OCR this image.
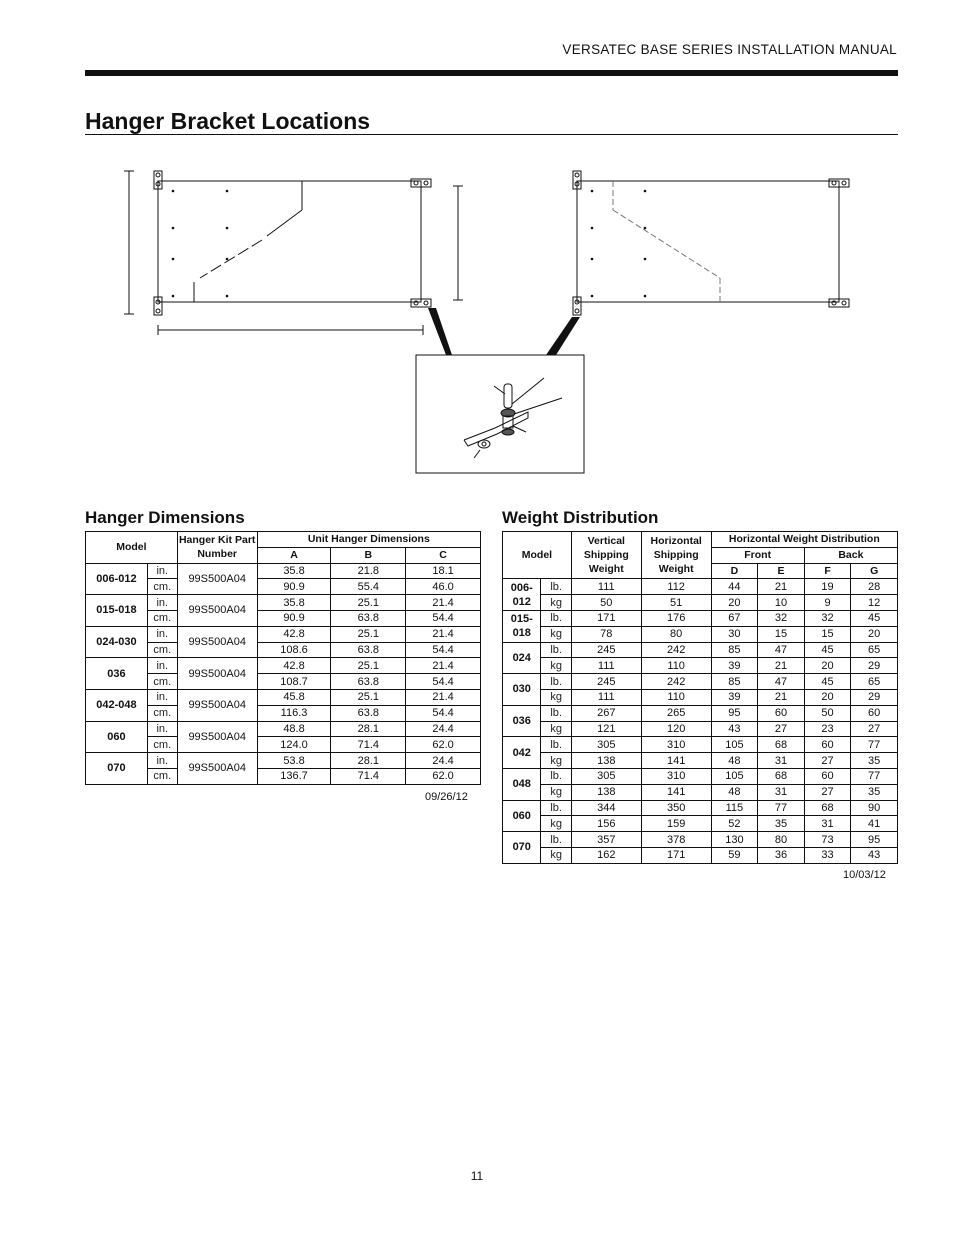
VERSATEC BASE SERIES INSTALLATION MANUAL
Hanger Bracket Locations
Hanger Dimensions
Model		Hanger Kit Part Number	Unit Hanger Dimensions		
			A	B	C
006-012	in.	99S500A04	35.8	21.8	18.1
	cm.		90.9	55.4	46.0
015-018	in.	99S500A04	35.8	25.1	21.4
	cm.		90.9	63.8	54.4
024-030	in.	99S500A04	42.8	25.1	21.4
	cm.		108.6	63.8	54.4
036	in.	99S500A04	42.8	25.1	21.4
	cm.		108.7	63.8	54.4
042-048	in.	99S500A04	45.8	25.1	21.4
	cm.		116.3	63.8	54.4
060	in.	99S500A04	48.8	28.1	24.4
	cm.		124.0	71.4	62.0
070	in.	99S500A04	53.8	28.1	24.4
	cm.		136.7	71.4	62.0
09/26/12
Weight Distribution
Model		Vertical Shipping Weight	Horizontal Shipping Weight	Horizontal Weight Distribution			
				Front		Back	
				D	E	F	G
006-
012	lb.	111	112	44	21	19	28
	kg	50	51	20	10	9	12
015-
018	lb.	171	176	67	32	32	45
	kg	78	80	30	15	15	20
024	lb.	245	242	85	47	45	65
	kg	111	110	39	21	20	29
030	lb.	245	242	85	47	45	65
	kg	111	110	39	21	20	29
036	lb.	267	265	95	60	50	60
	kg	121	120	43	27	23	27
042	lb.	305	310	105	68	60	77
	kg	138	141	48	31	27	35
048	lb.	305	310	105	68	60	77
	kg	138	141	48	31	27	35
060	lb.	344	350	115	77	68	90
	kg	156	159	52	35	31	41
070	lb.	357	378	130	80	73	95
	kg	162	171	59	36	33	43
10/03/12
11
